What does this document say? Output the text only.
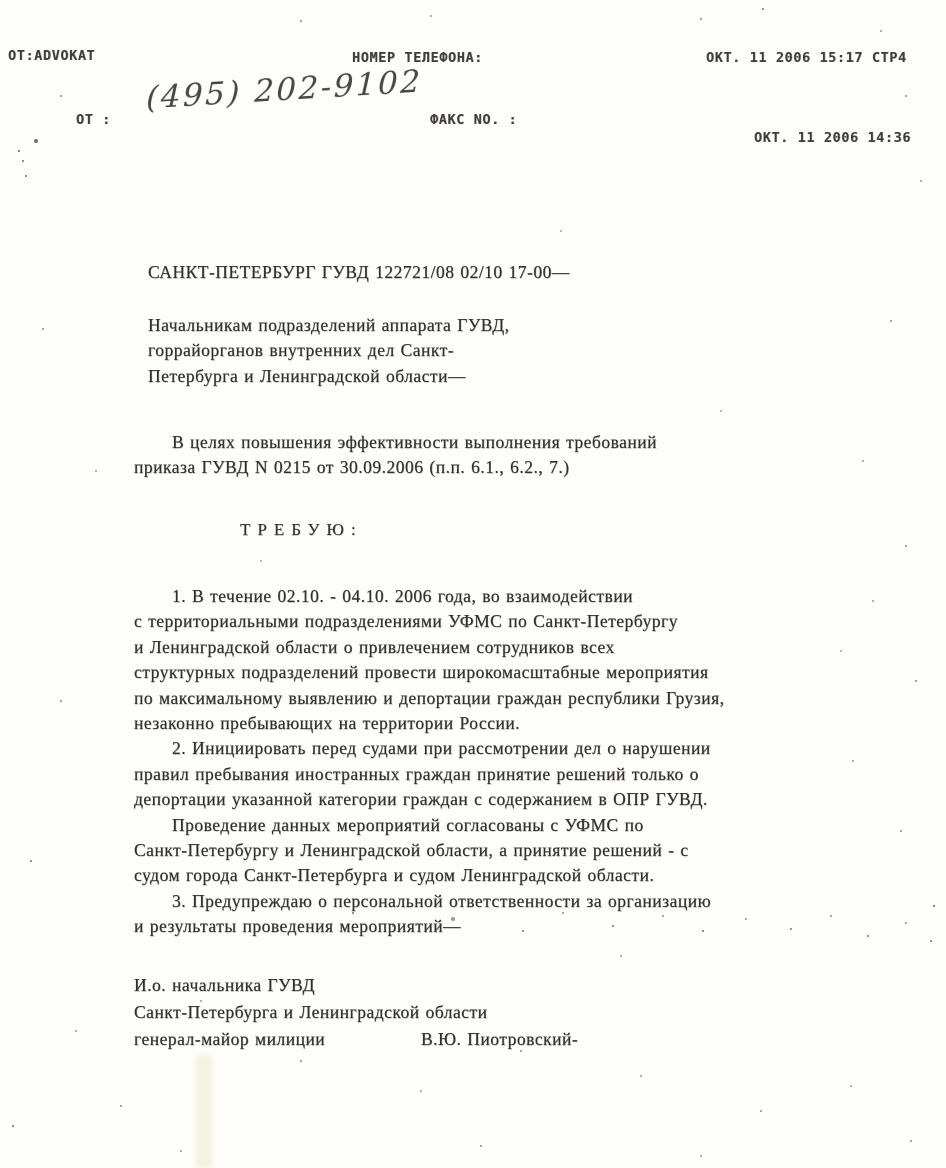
ОТ:ADVOKAT	НОМЕР ТЕЛЕФОНА:	ОКТ. 11 2006 15:17 СТР4
ОТ :
(495) 202-9102
ФАКС NO. :
ОКТ. 11 2006 14:36
САНКТ-ПЕТЕРБУРГ ГУВД 122721/08 02/10 17-00—
Начальникам подразделений аппарата ГУВД,
горрайорганов внутренних дел Санкт-
Петербурга и Ленинградской области—
В целях повышения эффективности выполнения требований
приказа ГУВД N 0215 от 30.09.2006 (п.п. 6.1., 6.2., 7.)
ТРЕБУЮ:
1. В течение 02.10. - 04.10. 2006 года, во взаимодействии
с территориальными подразделениями УФМС по Санкт-Петербургу
и Ленинградской области о привлечением сотрудников всех
структурных подразделений провести широкомасштабные мероприятия
по максимальному выявлению и депортации граждан республики Грузия,
незаконно пребывающих на территории России.
2. Инициировать перед судами при рассмотрении дел о нарушении
правил пребывания иностранных граждан принятие решений только о
депортации указанной категории граждан с содержанием в ОПР ГУВД.
Проведение данных мероприятий согласованы с УФМС по
Санкт-Петербургу и Ленинградской области, а принятие решений - с
судом города Санкт-Петербурга и судом Ленинградской области.
3. Предупреждаю о персональной ответственности за организацию
и результаты проведения мероприятий—
И.о. начальника ГУВД
Санкт-Петербурга и Ленинградской области
генерал-майор милиции	В.Ю. Пиотровский-
